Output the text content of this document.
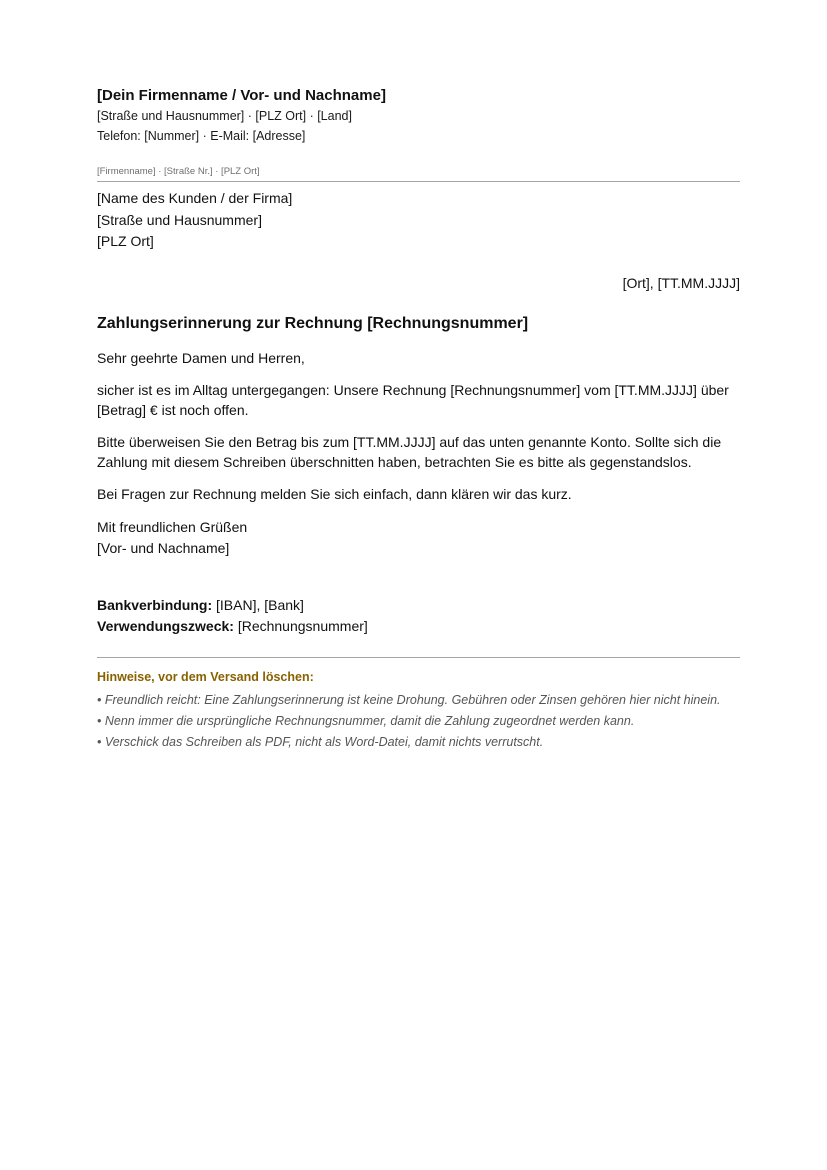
[Dein Firmenname / Vor- und Nachname]
[Straße und Hausnummer] · [PLZ Ort] · [Land]
Telefon: [Nummer] · E-Mail: [Adresse]
[Firmenname] · [Straße Nr.] · [PLZ Ort]
[Name des Kunden / der Firma]
[Straße und Hausnummer]
[PLZ Ort]
[Ort], [TT.MM.JJJJ]
Zahlungserinnerung zur Rechnung [Rechnungsnummer]
Sehr geehrte Damen und Herren,
sicher ist es im Alltag untergegangen: Unsere Rechnung [Rechnungsnummer] vom [TT.MM.JJJJ] über [Betrag] € ist noch offen.
Bitte überweisen Sie den Betrag bis zum [TT.MM.JJJJ] auf das unten genannte Konto. Sollte sich die Zahlung mit diesem Schreiben überschnitten haben, betrachten Sie es bitte als gegenstandslos.
Bei Fragen zur Rechnung melden Sie sich einfach, dann klären wir das kurz.
Mit freundlichen Grüßen
[Vor- und Nachname]
Bankverbindung: [IBAN], [Bank]
Verwendungszweck: [Rechnungsnummer]
Hinweise, vor dem Versand löschen:
• Freundlich reicht: Eine Zahlungserinnerung ist keine Drohung. Gebühren oder Zinsen gehören hier nicht hinein.
• Nenn immer die ursprüngliche Rechnungsnummer, damit die Zahlung zugeordnet werden kann.
• Verschick das Schreiben als PDF, nicht als Word-Datei, damit nichts verrutscht.
